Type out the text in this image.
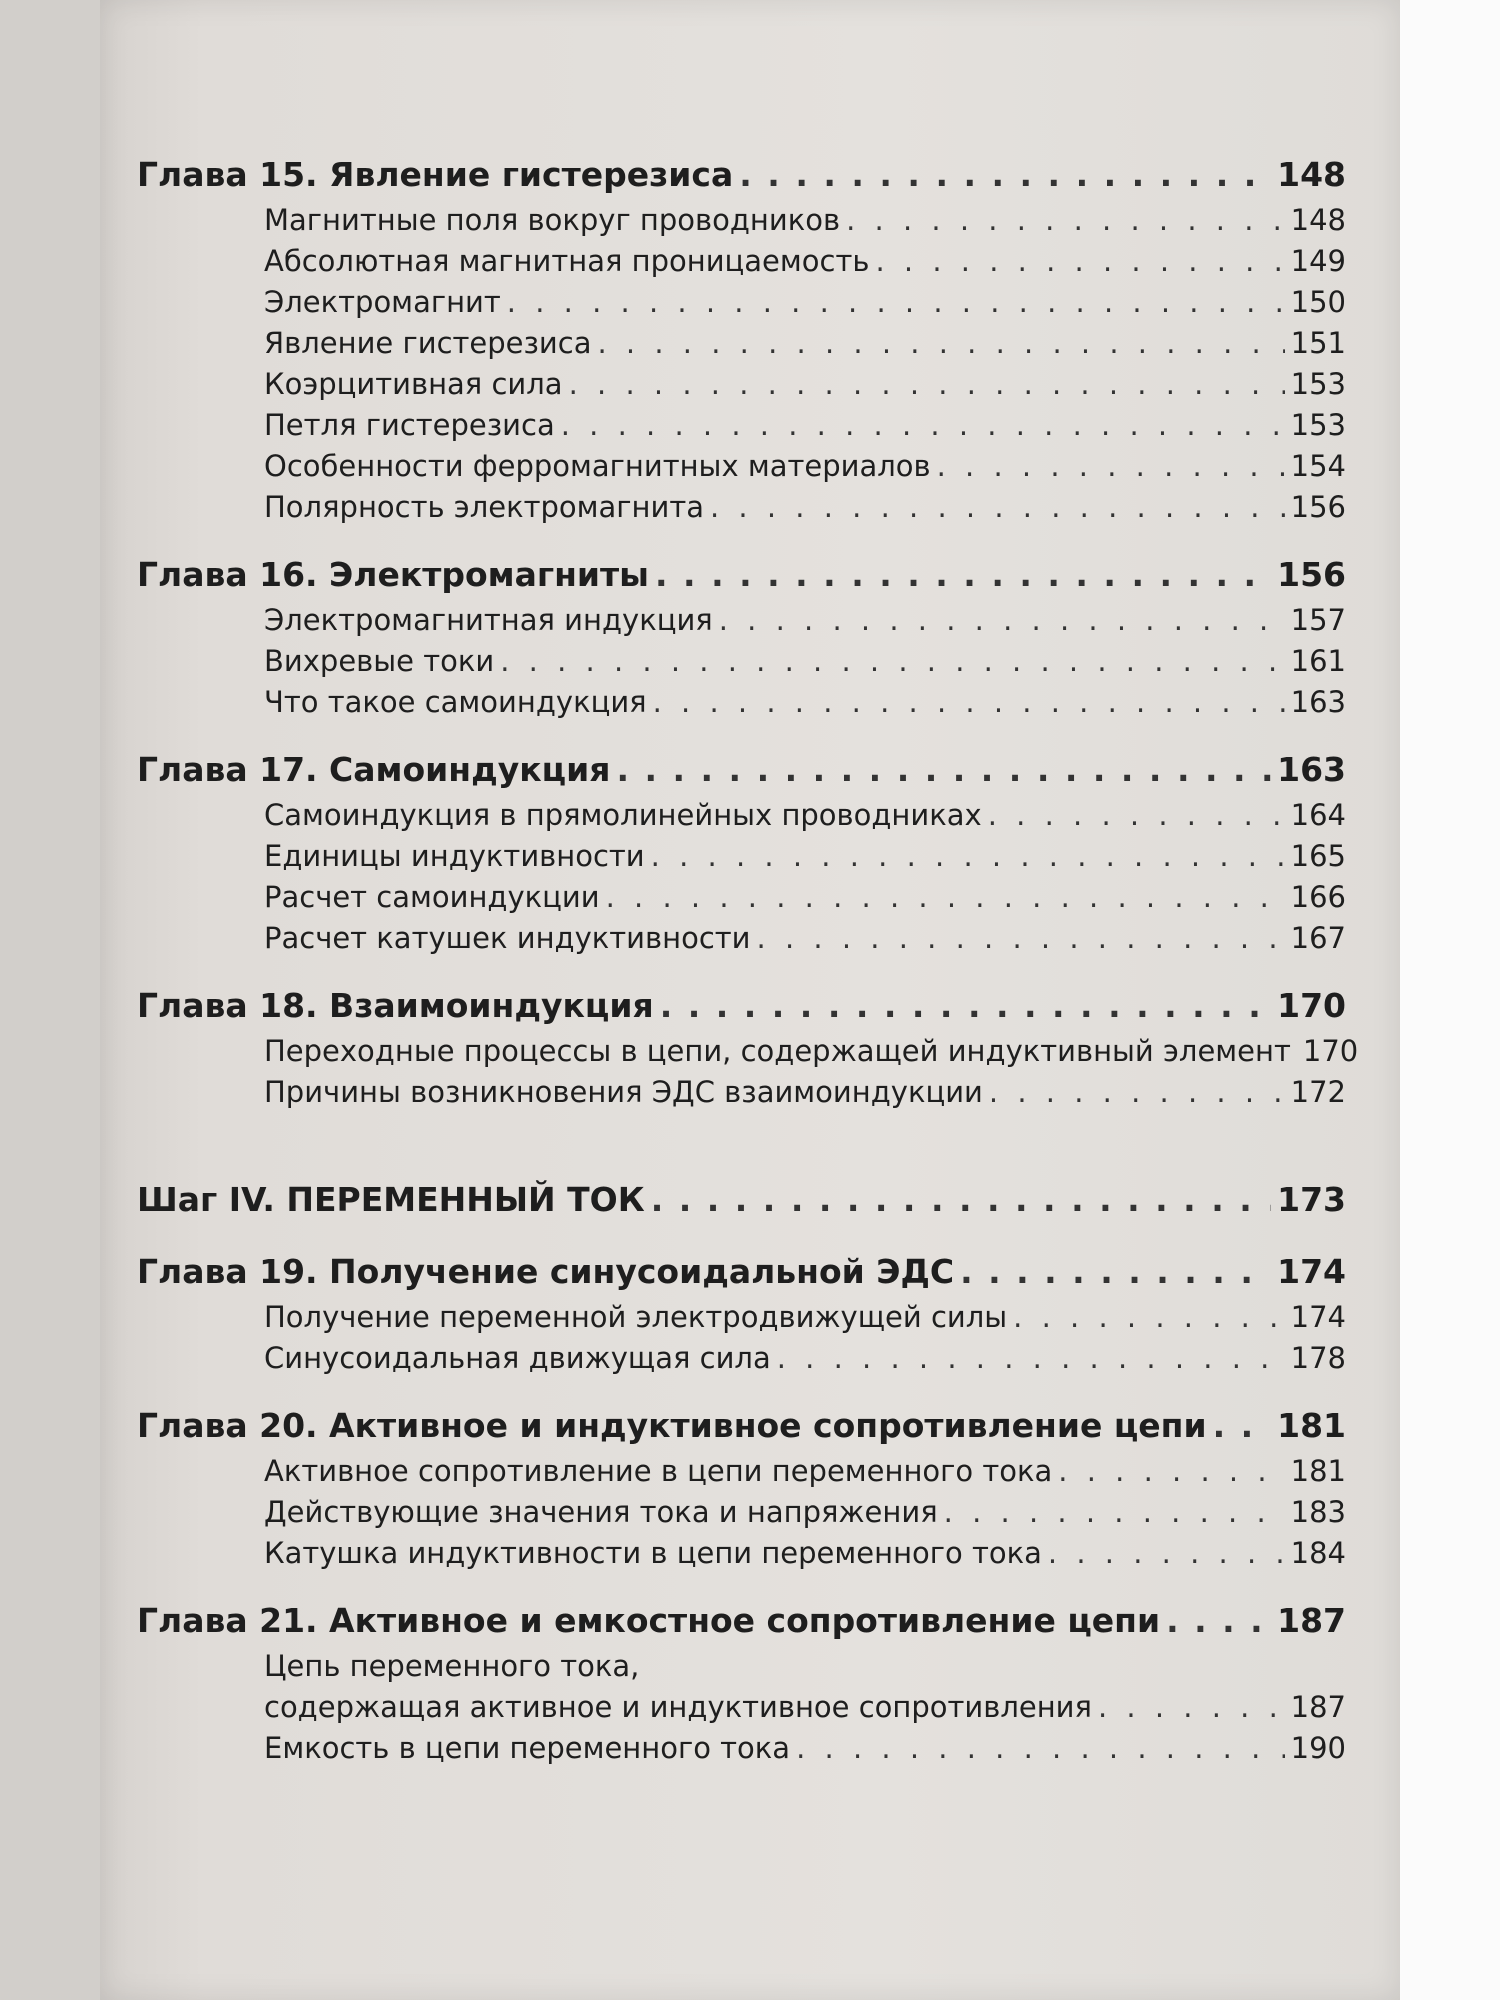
Глава 15. Явление гистерезиса . . .	148
Магнитные поля вокруг проводников . . .	148
Абсолютная магнитная проницаемость . . .	149
Электромагнит . . .	150
Явление гистерезиса . . .	151
Коэрцитивная сила . . .	153
Петля гистерезиса . . .	153
Особенности ферромагнитных материалов . . .	154
Полярность электромагнита . . .	156
Глава 16. Электромагниты . . .	156
Электромагнитная индукция . . .	157
Вихревые токи . . .	161
Что такое самоиндукция . . .	163
Глава 17. Самоиндукция . . .	163
Самоиндукция в прямолинейных проводниках . . .	164
Единицы индуктивности . . .	165
Расчет самоиндукции . . .	166
Расчет катушек индуктивности . . .	167
Глава 18. Взаимоиндукция . . .	170
Переходные процессы в цепи, содержащей индуктивный элемент 170
Причины возникновения ЭДС взаимоиндукции . . .	172
Шаг IV. ПЕРЕМЕННЫЙ ТОК . . .	173
Глава 19. Получение синусоидальной ЭДС . . .	174
Получение переменной электродвижущей силы . . .	174
Синусоидальная движущая сила . . .	178
Глава 20. Активное и индуктивное сопротивление цепи . . . 181
Активное сопротивление в цепи переменного тока . . .	181
Действующие значения тока и напряжения . . .	183
Катушка индуктивности в цепи переменного тока . . .	184
Глава 21. Активное и емкостное сопротивление цепи . . .	187
Цепь переменного тока,
содержащая активное и индуктивное сопротивления . . .	187
Емкость в цепи переменного тока . . .	190
